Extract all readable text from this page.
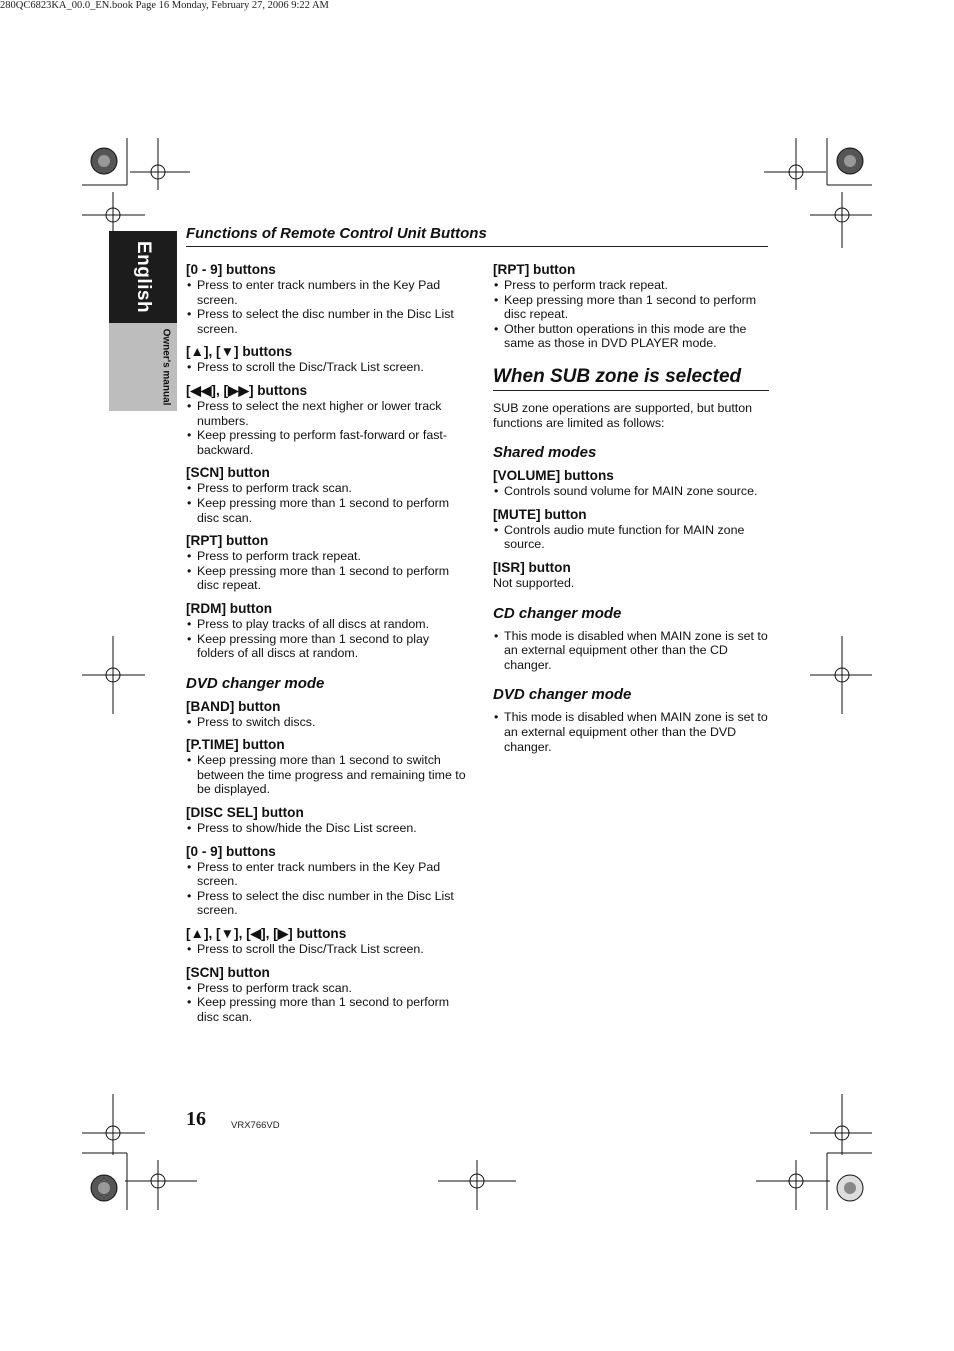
280QC6823KA_00.0_EN.book Page 16 Monday, February 27, 2006 9:22 AM
English
Owner's manual
Functions of Remote Control Unit Buttons
[0 - 9] buttons
• Press to enter track numbers in the Key Pad screen.
• Press to select the disc number in the Disc List screen.
[▲], [▼] buttons
• Press to scroll the Disc/Track List screen.
[◀◀], [▶▶] buttons
• Press to select the next higher or lower track numbers.
• Keep pressing to perform fast-forward or fast-backward.
[SCN] button
• Press to perform track scan.
• Keep pressing more than 1 second to perform disc scan.
[RPT] button
• Press to perform track repeat.
• Keep pressing more than 1 second to perform disc repeat.
[RDM] button
• Press to play tracks of all discs at random.
• Keep pressing more than 1 second to play folders of all discs at random.
DVD changer mode
[BAND] button
• Press to switch discs.
[P.TIME] button
• Keep pressing more than 1 second to switch between the time progress and remaining time to be displayed.
[DISC SEL] button
• Press to show/hide the Disc List screen.
[0 - 9] buttons
• Press to enter track numbers in the Key Pad screen.
• Press to select the disc number in the Disc List screen.
[▲], [▼], [◀], [▶] buttons
• Press to scroll the Disc/Track List screen.
[SCN] button
• Press to perform track scan.
• Keep pressing more than 1 second to perform disc scan.
[RPT] button
• Press to perform track repeat.
• Keep pressing more than 1 second to perform disc repeat.
• Other button operations in this mode are the same as those in DVD PLAYER mode.
When SUB zone is selected

SUB zone operations are supported, but button functions are limited as follows:

Shared modes
[VOLUME] buttons
• Controls sound volume for MAIN zone source.
[MUTE] button
• Controls audio mute function for MAIN zone source.
[ISR] button

Not supported.

CD changer mode
• This mode is disabled when MAIN zone is set to an external equipment other than the CD changer.
DVD changer mode
• This mode is disabled when MAIN zone is set to an external equipment other than the DVD changer.
16	VRX766VD
